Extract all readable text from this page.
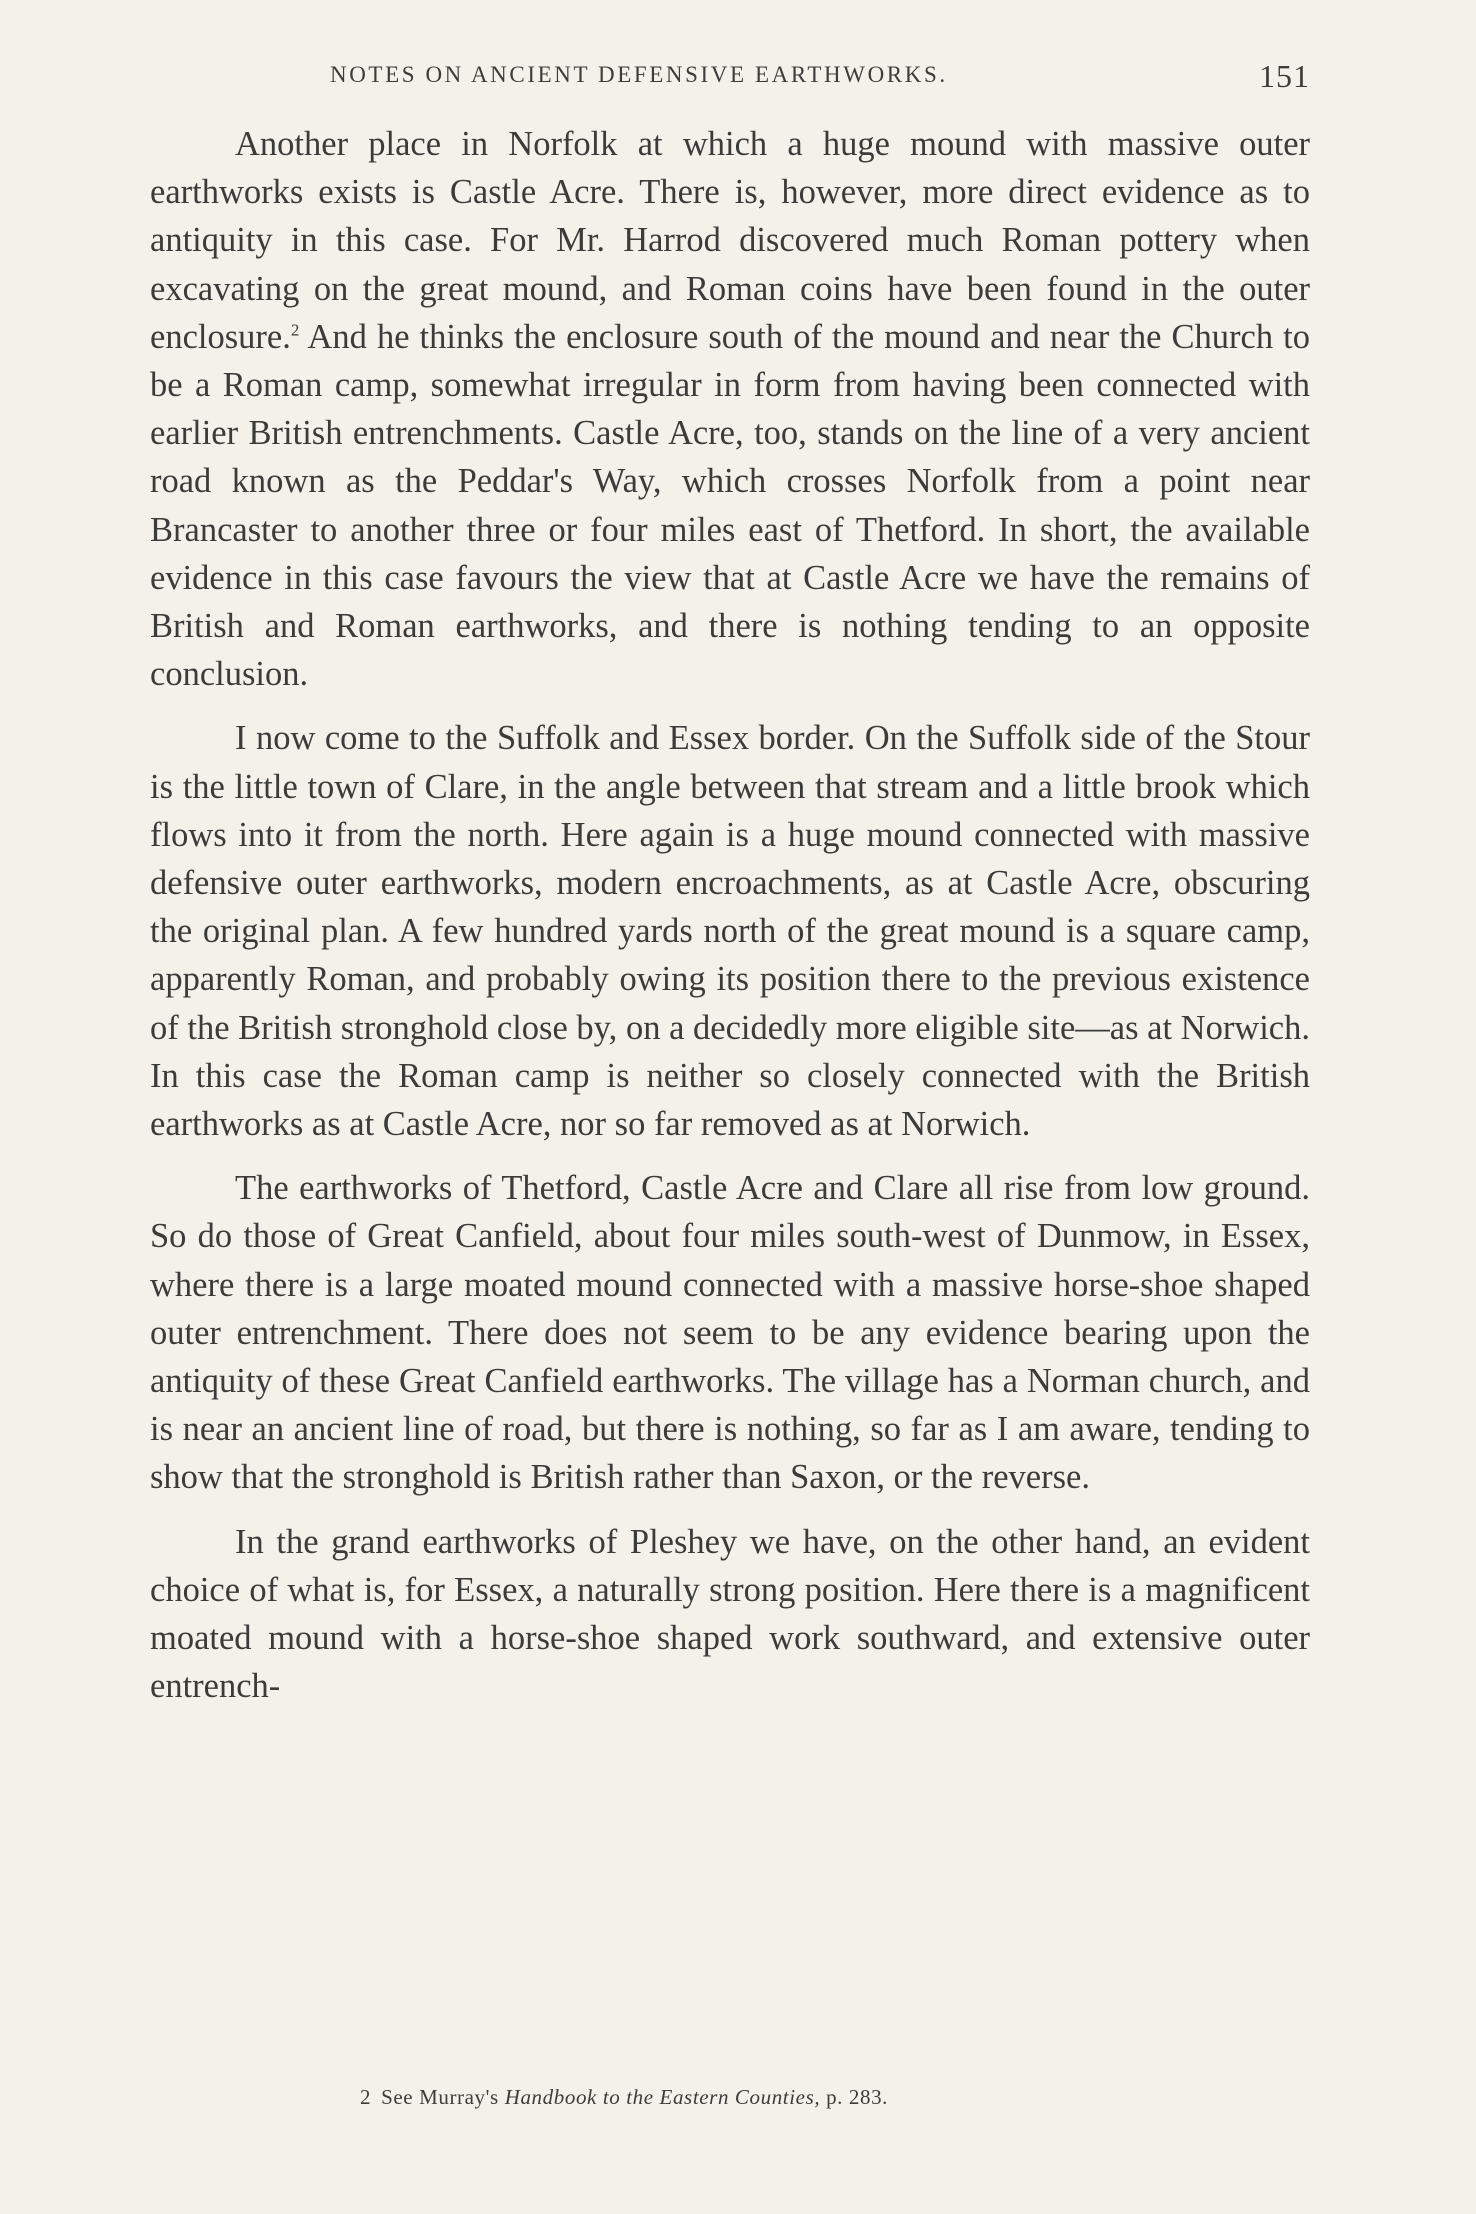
NOTES ON ANCIENT DEFENSIVE EARTHWORKS.	151

Another place in Norfolk at which a huge mound with massive outer earthworks exists is Castle Acre. There is, however, more direct evidence as to antiquity in this case. For Mr. Harrod discovered much Roman pottery when excavating on the great mound, and Roman coins have been found in the outer enclosure.$^2$ And he thinks the enclosure south of the mound and near the Church to be a Roman camp, somewhat irregular in form from having been connected with earlier British entrenchments. Castle Acre, too, stands on the line of a very ancient road known as the Peddar's Way, which crosses Norfolk from a point near Brancaster to another three or four miles east of Thetford. In short, the available evidence in this case favours the view that at Castle Acre we have the remains of British and Roman earthworks, and there is nothing tending to an opposite conclusion.

I now come to the Suffolk and Essex border. On the Suffolk side of the Stour is the little town of Clare, in the angle between that stream and a little brook which flows into it from the north. Here again is a huge mound connected with massive defensive outer earthworks, modern encroachments, as at Castle Acre, obscuring the original plan. A few hundred yards north of the great mound is a square camp, apparently Roman, and probably owing its position there to the previous existence of the British stronghold close by, on a decidedly more eligible site—as at Norwich. In this case the Roman camp is neither so closely connected with the British earthworks as at Castle Acre, nor so far removed as at Norwich.

The earthworks of Thetford, Castle Acre and Clare all rise from low ground. So do those of Great Canfield, about four miles south-west of Dunmow, in Essex, where there is a large moated mound connected with a massive horse-shoe shaped outer entrenchment. There does not seem to be any evidence bearing upon the antiquity of these Great Canfield earthworks. The village has a Norman church, and is near an ancient line of road, but there is nothing, so far as I am aware, tending to show that the stronghold is British rather than Saxon, or the reverse.

In the grand earthworks of Pleshey we have, on the other hand, an evident choice of what is, for Essex, a naturally strong position. Here there is a magnificent moated mound with a horse-shoe shaped work southward, and extensive outer entrench-

2 See Murray's Handbook to the Eastern Counties, p. 283.
